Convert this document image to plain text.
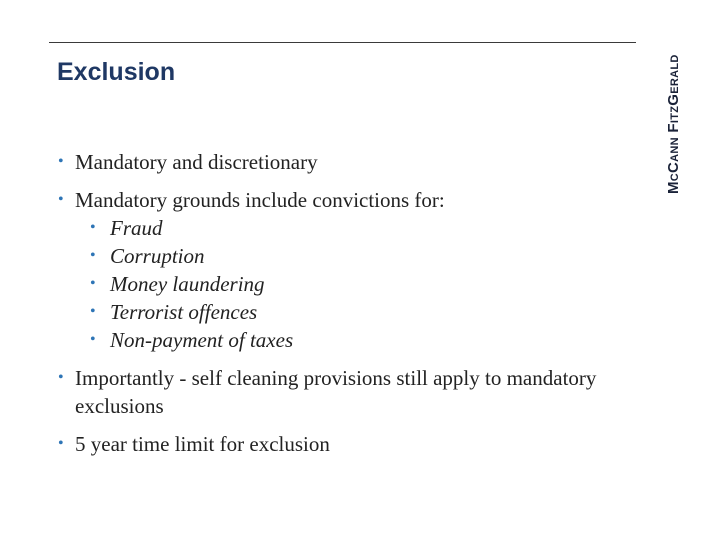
Exclusion	McCann FitzGerald
• Mandatory and discretionary
• Mandatory grounds include convictions for:
• Fraud
• Corruption
• Money laundering
• Terrorist offences
• Non-payment of taxes
• Importantly - self cleaning provisions still apply to mandatory exclusions
• 5 year time limit for exclusion
